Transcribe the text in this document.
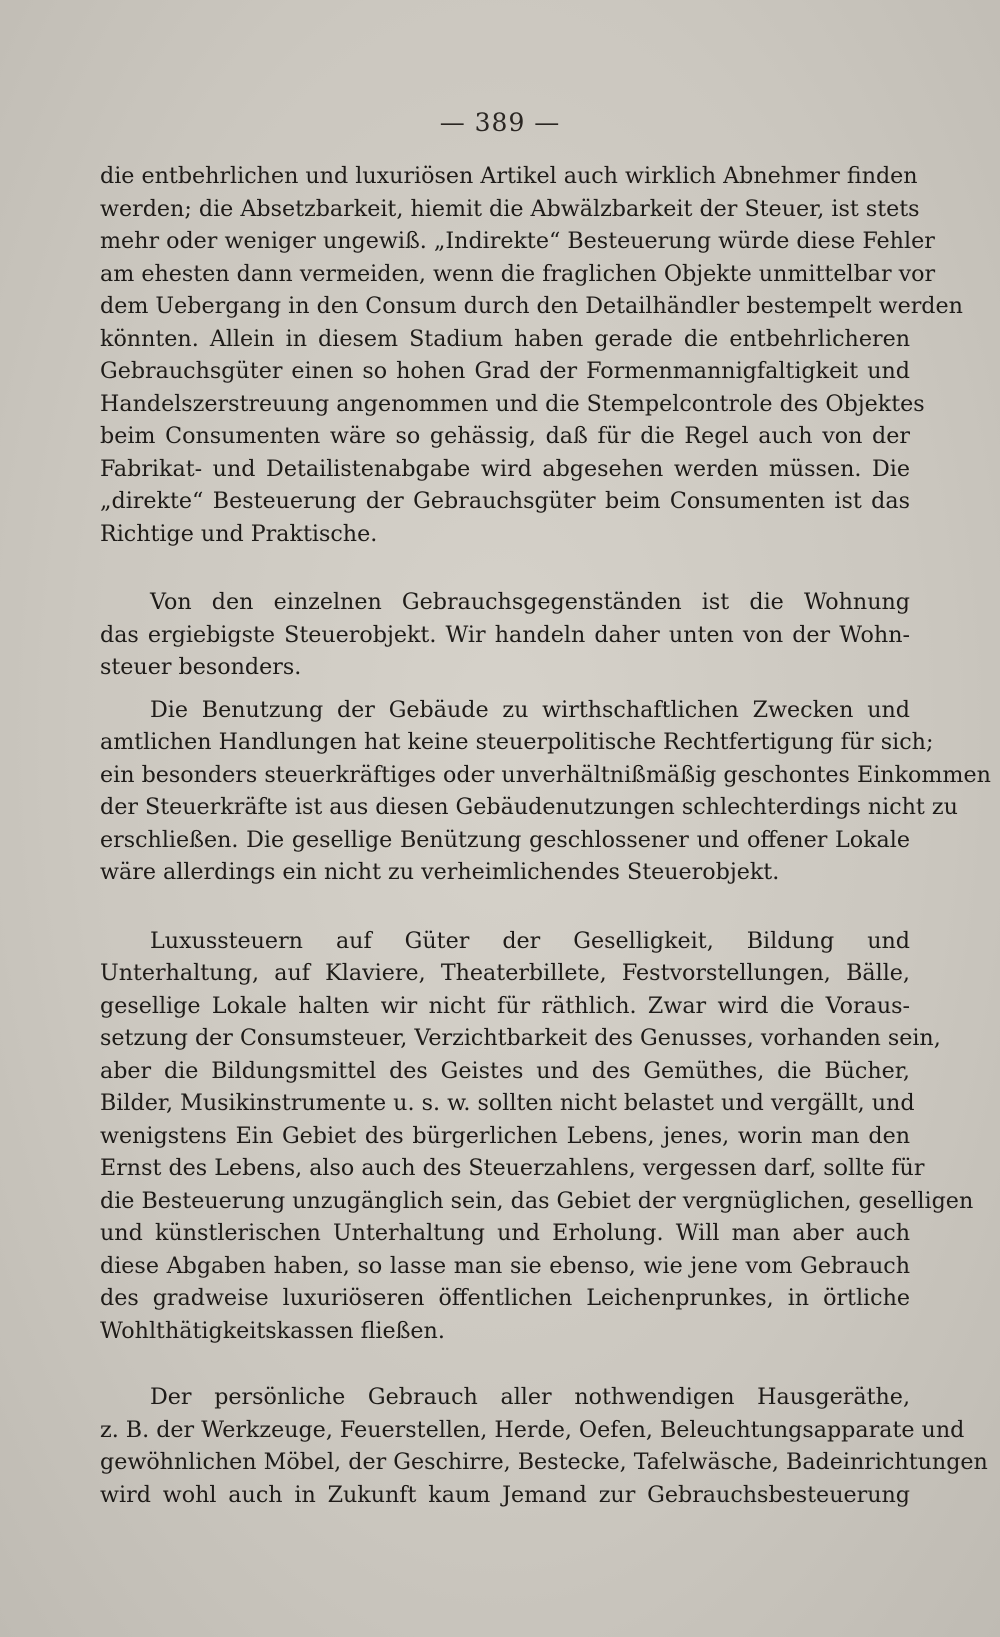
— 389 —

die entbehrlichen und luxuriösen Artikel auch wirklich Abnehmer finden
werden; die Absetzbarkeit, hiemit die Abwälzbarkeit der Steuer, ist stets
mehr oder weniger ungewiß. „Indirekte“ Besteuerung würde diese Fehler
am ehesten dann vermeiden, wenn die fraglichen Objekte unmittelbar vor
dem Uebergang in den Consum durch den Detailhändler bestempelt werden
könnten. Allein in diesem Stadium haben gerade die entbehrlicheren
Gebrauchsgüter einen so hohen Grad der Formenmannigfaltigkeit und
Handelszerstreuung angenommen und die Stempelcontrole des Objektes
beim Consumenten wäre so gehässig, daß für die Regel auch von der
Fabrikat- und Detailistenabgabe wird abgesehen werden müssen. Die
„direkte“ Besteuerung der Gebrauchsgüter beim Consumenten ist das
Richtige und Praktische.

Von den einzelnen Gebrauchsgegenständen ist die Wohnung
das ergiebigste Steuerobjekt. Wir handeln daher unten von der Wohn-
steuer besonders.

Die Benutzung der Gebäude zu wirthschaftlichen Zwecken und
amtlichen Handlungen hat keine steuerpolitische Rechtfertigung für sich;
ein besonders steuerkräftiges oder unverhältnißmäßig geschontes Einkommen
der Steuerkräfte ist aus diesen Gebäudenutzungen schlechterdings nicht zu
erschließen. Die gesellige Benützung geschlossener und offener Lokale
wäre allerdings ein nicht zu verheimlichendes Steuerobjekt.

Luxussteuern auf Güter der Geselligkeit, Bildung und
Unterhaltung, auf Klaviere, Theaterbillete, Festvorstellungen, Bälle,
gesellige Lokale halten wir nicht für räthlich. Zwar wird die Voraus-
setzung der Consumsteuer, Verzichtbarkeit des Genusses, vorhanden sein,
aber die Bildungsmittel des Geistes und des Gemüthes, die Bücher,
Bilder, Musikinstrumente u. s. w. sollten nicht belastet und vergällt, und
wenigstens Ein Gebiet des bürgerlichen Lebens, jenes, worin man den
Ernst des Lebens, also auch des Steuerzahlens, vergessen darf, sollte für
die Besteuerung unzugänglich sein, das Gebiet der vergnüglichen, geselligen
und künstlerischen Unterhaltung und Erholung. Will man aber auch
diese Abgaben haben, so lasse man sie ebenso, wie jene vom Gebrauch
des gradweise luxuriöseren öffentlichen Leichenprunkes, in örtliche
Wohlthätigkeitskassen fließen.

Der persönliche Gebrauch aller nothwendigen Hausgeräthe,
z. B. der Werkzeuge, Feuerstellen, Herde, Oefen, Beleuchtungsapparate und
gewöhnlichen Möbel, der Geschirre, Bestecke, Tafelwäsche, Badeinrichtungen
wird wohl auch in Zukunft kaum Jemand zur Gebrauchsbesteuerung
